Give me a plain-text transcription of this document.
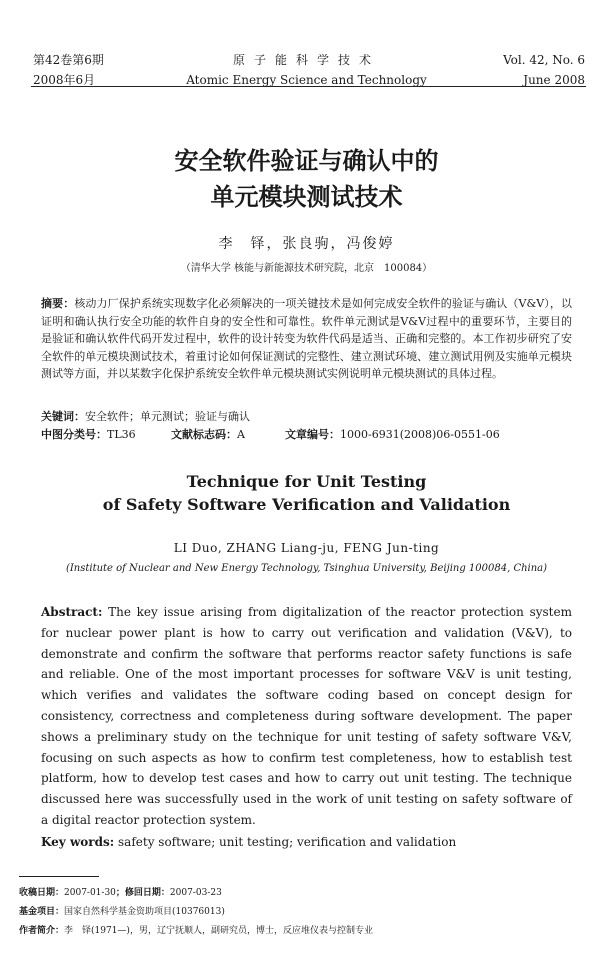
第42卷第6期
2008年6月
原子能科学技术
Atomic Energy Science and Technology
Vol. 42, No. 6
June 2008
安全软件验证与确认中的
单元模块测试技术
李　铎，张良驹，冯俊婷
（清华大学 核能与新能源技术研究院，北京　100084）
摘要：核动力厂保护系统实现数字化必须解决的一项关键技术是如何完成安全软件的验证与确认（V&V），以证明和确认执行安全功能的软件自身的安全性和可靠性。软件单元测试是V&V过程中的重要环节，主要目的是验证和确认软件代码开发过程中，软件的设计转变为软件代码是适当、正确和完整的。本工作初步研究了安全软件的单元模块测试技术，着重讨论如何保证测试的完整性、建立测试环境、建立测试用例及实施单元模块测试等方面，并以某数字化保护系统安全软件单元模块测试实例说明单元模块测试的具体过程。
关键词：安全软件；单元测试；验证与确认
中图分类号：TL36	文献标志码：A	文章编号：1000-6931(2008)06-0551-06
Technique for Unit Testing
of Safety Software Verification and Validation
LI Duo, ZHANG Liang-ju, FENG Jun-ting
(Institute of Nuclear and New Energy Technology, Tsinghua University, Beijing 100084, China)
Abstract: The key issue arising from digitalization of the reactor protection system for nuclear power plant is how to carry out verification and validation (V&V), to demonstrate and confirm the software that performs reactor safety functions is safe and reliable. One of the most important processes for software V&V is unit testing, which verifies and validates the software coding based on concept design for consistency, correctness and completeness during software development. The paper shows a preliminary study on the technique for unit testing of safety software V&V, focusing on such aspects as how to confirm test completeness, how to establish test platform, how to develop test cases and how to carry out unit testing. The technique discussed here was successfully used in the work of unit testing on safety software of a digital reactor protection system.
Key words: safety software; unit testing; verification and validation
收稿日期：2007-01-30；修回日期：2007-03-23
基金项目：国家自然科学基金资助项目(10376013)
作者简介：李　铎(1971—)，男，辽宁抚顺人，副研究员，博士，反应堆仪表与控制专业
